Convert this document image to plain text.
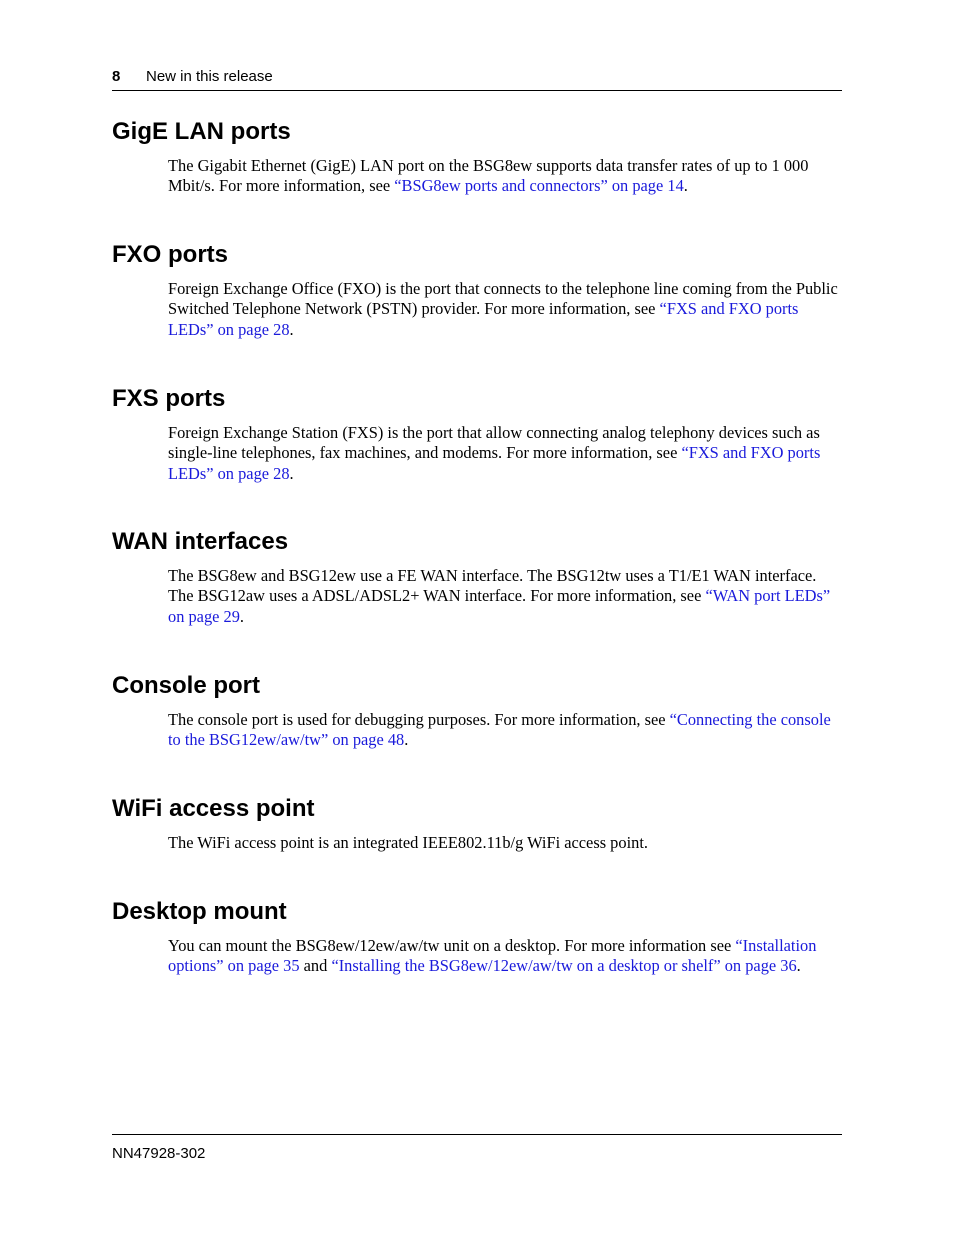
8 New in this release
GigE LAN ports

The Gigabit Ethernet (GigE) LAN port on the BSG8ew supports data transfer rates of up to 1 000 Mbit/s. For more information, see “BSG8ew ports and connectors” on page 14.

FXO ports

Foreign Exchange Office (FXO) is the port that connects to the telephone line coming from the Public Switched Telephone Network (PSTN) provider. For more information, see “FXS and FXO ports LEDs” on page 28.

FXS ports

Foreign Exchange Station (FXS) is the port that allow connecting analog telephony devices such as single-line telephones, fax machines, and modems. For more information, see “FXS and FXO ports LEDs” on page 28.

WAN interfaces

The BSG8ew and BSG12ew use a FE WAN interface. The BSG12tw uses a T1/E1 WAN interface. The BSG12aw uses a ADSL/ADSL2+ WAN interface. For more information, see “WAN port LEDs” on page 29.

Console port

The console port is used for debugging purposes. For more information, see “Connecting the console to the BSG12ew/aw/tw” on page 48.

WiFi access point

The WiFi access point is an integrated IEEE802.11b/g WiFi access point.

Desktop mount

You can mount the BSG8ew/12ew/aw/tw unit on a desktop. For more information see “Installation options” on page 35 and “Installing the BSG8ew/12ew/aw/tw on a desktop or shelf” on page 36.

NN47928-302
